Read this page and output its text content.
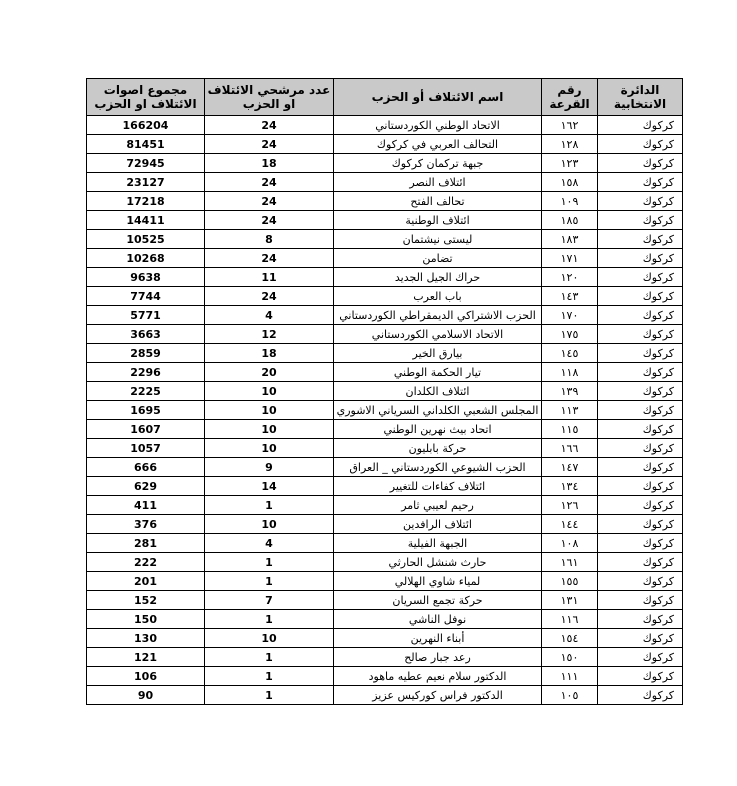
مجموع اصوات الائتلاف او الحزب	عدد مرشحي الائتلاف او الحزب	اسم الائتلاف أو الحزب	رقم القرعة	الدائرة الانتخابية
166204	24	الاتحاد الوطني الكوردستاني	١٦٢	كركوك
81451	24	التحالف العربي في كركوك	١٢٨	كركوك
72945	18	جبهة تركمان كركوك	١٢٣	كركوك
23127	24	ائتلاف النصر	١٥٨	كركوك
17218	24	تحالف الفتح	١٠٩	كركوك
14411	24	ائتلاف الوطنية	١٨٥	كركوك
10525	8	ليستى نيشتمان	١٨٣	كركوك
10268	24	تضامن	١٧١	كركوك
9638	11	حراك الجيل الجديد	١٢٠	كركوك
7744	24	باب العرب	١٤٣	كركوك
5771	4	الحزب الاشتراكي الديمقراطي الكوردستاني	١٧٠	كركوك
3663	12	الاتحاد الاسلامي الكوردستاني	١٧٥	كركوك
2859	18	بيارق الخير	١٤٥	كركوك
2296	20	تيار الحكمة الوطني	١١٨	كركوك
2225	10	ائتلاف الكلدان	١٣٩	كركوك
1695	10	المجلس الشعبي الكلداني السرياني الاشوري	١١٣	كركوك
1607	10	اتحاد بيث نهرين الوطني	١١٥	كركوك
1057	10	حركة بابليون	١٦٦	كركوك
666	9	الحزب الشيوعي الكوردستاني _ العراق	١٤٧	كركوك
629	14	ائتلاف كفاءات للتغيير	١٣٤	كركوك
411	1	رحيم لعيبي ثامر	١٢٦	كركوك
376	10	ائتلاف الرافدين	١٤٤	كركوك
281	4	الجبهة الفيلية	١٠٨	كركوك
222	1	حارث شنشل الحارثي	١٦١	كركوك
201	1	لمياء شاوي الهلالي	١٥٥	كركوك
152	7	حركة تجمع السريان	١٣١	كركوك
150	1	نوفل الناشي	١١٦	كركوك
130	10	أبناء النهرين	١٥٤	كركوك
121	1	رعد جبار صالح	١٥٠	كركوك
106	1	الدكتور سلام نعيم عطيه ماهود	١١١	كركوك
90	1	الدكتور فراس كوركيس عزيز	١٠٥	كركوك
